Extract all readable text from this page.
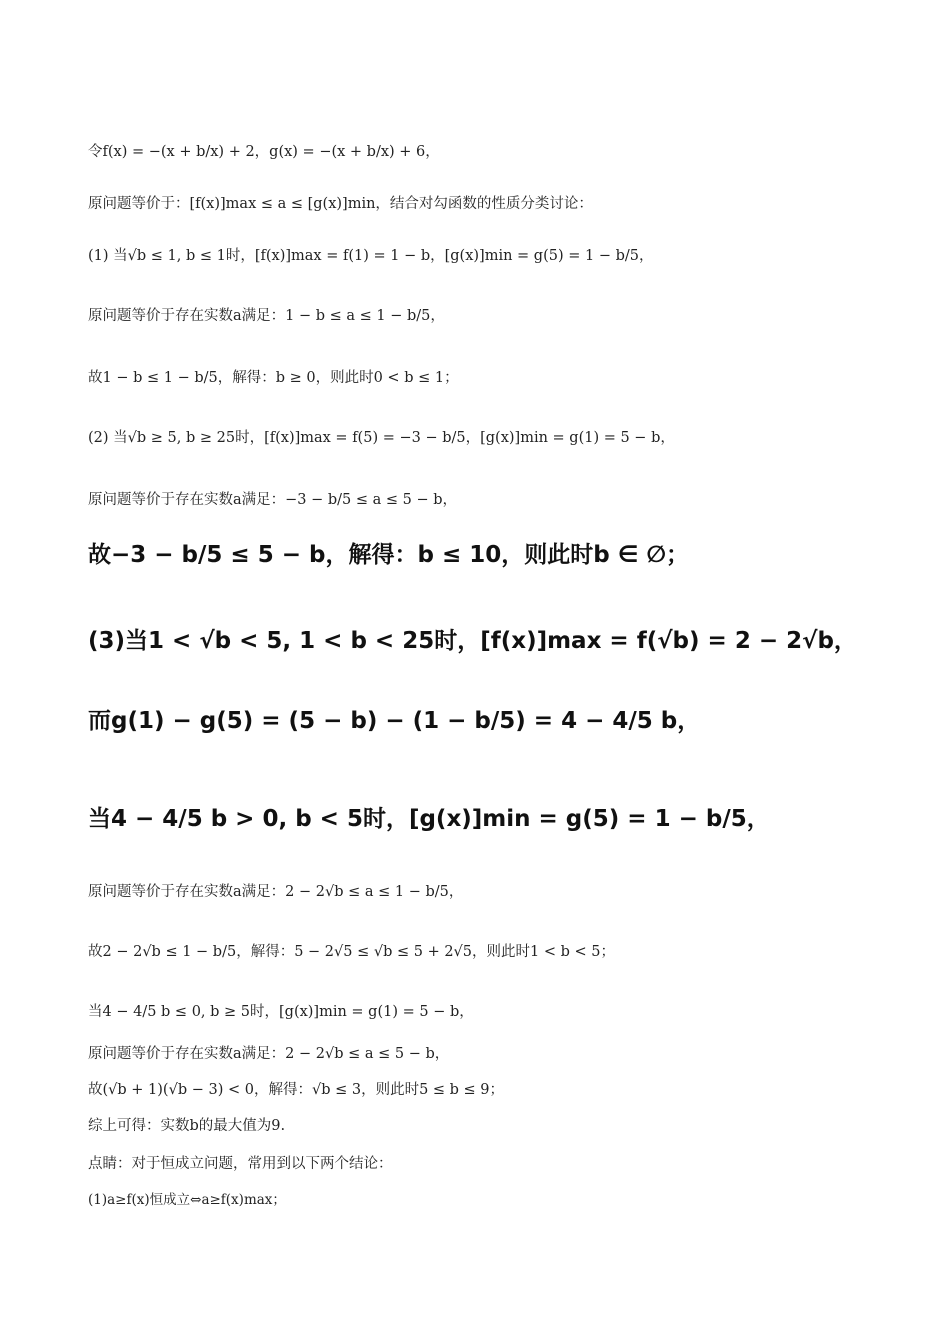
令f(x) = −(x + b/x) + 2，g(x) = −(x + b/x) + 6，
原问题等价于：[f(x)]max ≤ a ≤ [g(x)]min，结合对勾函数的性质分类讨论：
(1) 当√b ≤ 1, b ≤ 1时，[f(x)]max = f(1) = 1 − b，[g(x)]min = g(5) = 1 − b/5，
原问题等价于存在实数a满足：1 − b ≤ a ≤ 1 − b/5，
故1 − b ≤ 1 − b/5，解得：b ≥ 0，则此时0 < b ≤ 1；
(2) 当√b ≥ 5, b ≥ 25时，[f(x)]max = f(5) = −3 − b/5，[g(x)]min = g(1) = 5 − b，
原问题等价于存在实数a满足：−3 − b/5 ≤ a ≤ 5 − b，
故−3 − b/5 ≤ 5 − b，解得：b ≤ 10，则此时b ∈ ∅；
(3)当1 < √b < 5, 1 < b < 25时，[f(x)]max = f(√b) = 2 − 2√b，
而g(1) − g(5) = (5 − b) − (1 − b/5) = 4 − 4/5 b，
当4 − 4/5 b > 0, b < 5时，[g(x)]min = g(5) = 1 − b/5，
原问题等价于存在实数a满足：2 − 2√b ≤ a ≤ 1 − b/5，
故2 − 2√b ≤ 1 − b/5，解得：5 − 2√5 ≤ √b ≤ 5 + 2√5，则此时1 < b < 5；
当4 − 4/5 b ≤ 0, b ≥ 5时，[g(x)]min = g(1) = 5 − b，
原问题等价于存在实数a满足：2 − 2√b ≤ a ≤ 5 − b，
故(√b + 1)(√b − 3) < 0，解得：√b ≤ 3，则此时5 ≤ b ≤ 9；
综上可得：实数b的最大值为9.
点睛：对于恒成立问题，常用到以下两个结论：
(1)a≥f(x)恒成立⇔a≥f(x)max；
